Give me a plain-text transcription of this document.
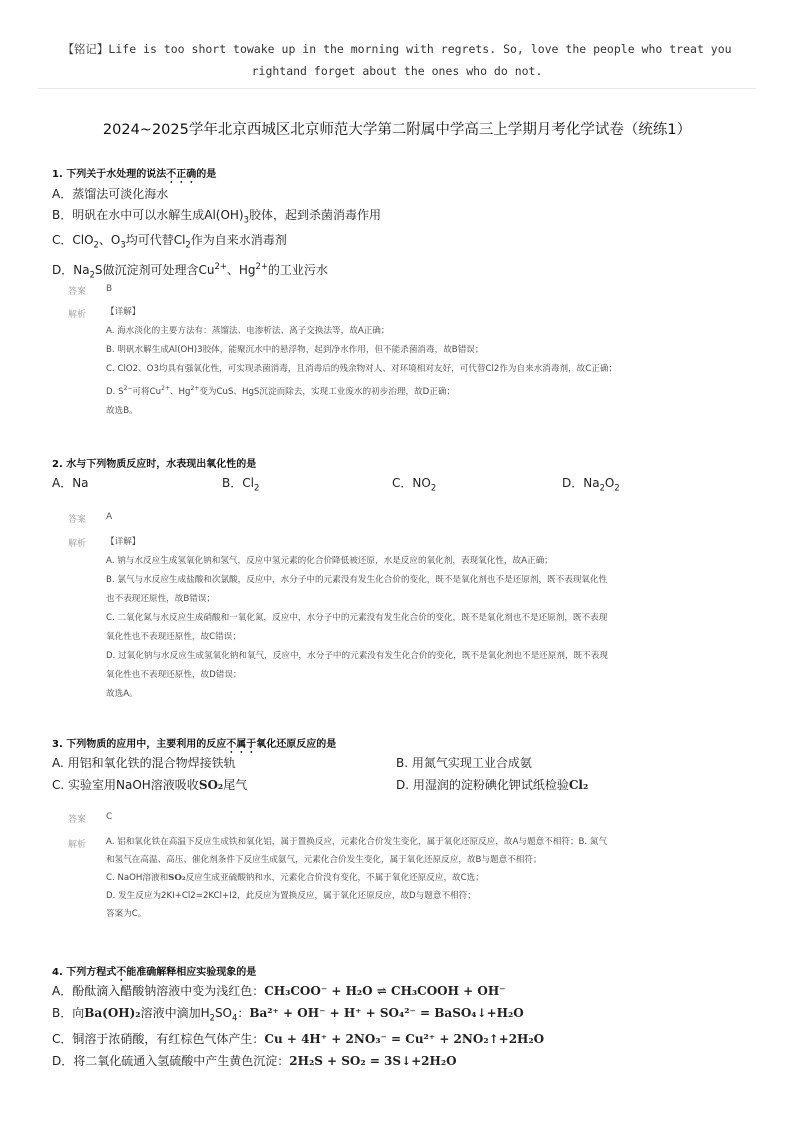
【铭记】Life is too short towake up in the morning with regrets. So, love the people who treat you
rightand forget about the ones who do not.
2024~2025学年北京西城区北京师范大学第二附属中学高三上学期月考化学试卷（统练1）
1. 下列关于水处理的说法不正确的是
A．蒸馏法可淡化海水
B．明矾在水中可以水解生成$Al(OH)_3$胶体，起到杀菌消毒作用
C．ClO$_2$、$O_3$均可代替$Cl_2$作为自来水消毒剂
D．$Na_2S$做沉淀剂可处理含$Cu^{2+}$、$Hg^{2+}$的工业污水
答案 B
解析 【详解】
A. 海水淡化的主要方法有：蒸馏法、电渗析法、离子交换法等，故A正确；
B. 明矾水解生成Al(OH)3胶体，能聚沉水中的悬浮物，起到净水作用，但不能杀菌消毒，故B错误；
C. ClO2、O3均具有强氧化性，可实现杀菌消毒，且消毒后的残余物对人、对环境相对友好，可代替Cl2作为自来水消毒剂，故C正确；
D. $S^{2-}$可将$Cu^{2+}$、$Hg^{2+}$变为CuS、HgS沉淀而除去，实现工业废水的初步治理，故D正确；
故选B。
2. 水与下列物质反应时，水表现出氧化性的是
A．Na	B．$Cl_2$	C．$NO_2$	D．$Na_2O_2$
答案 A
解析 【详解】
A. 钠与水反应生成氢氧化钠和氢气，反应中氢元素的化合价降低被还原，水是反应的氧化剂，表现氧化性，故A正确；
B. 氯气与水反应生成盐酸和次氯酸，反应中，水分子中的元素没有发生化合价的变化，既不是氧化剂也不是还原剂，既不表现氧化性
也不表现还原性，故B错误；
C. 二氧化氮与水反应生成硝酸和一氧化氮，反应中，水分子中的元素没有发生化合价的变化，既不是氧化剂也不是还原剂，既不表现
氧化性也不表现还原性，故C错误；
D. 过氧化钠与水反应生成氢氧化钠和氧气，反应中，水分子中的元素没有发生化合价的变化，既不是氧化剂也不是还原剂，既不表现
氧化性也不表现还原性，故D错误；
故选A。
3. 下列物质的应用中，主要利用的反应不属于氧化还原反应的是
A. 用铝和氧化铁的混合物焊接铁轨	B. 用氮气实现工业合成氨
C. 实验室用NaOH溶液吸收SO₂尾气	D. 用湿润的淀粉碘化钾试纸检验Cl₂
答案 C
解析 A. 铝和氧化铁在高温下反应生成铁和氧化铝，属于置换反应，元素化合价发生变化，属于氧化还原反应，故A与题意不相符；B. 氮气
和氢气在高温、高压、催化剂条件下反应生成氨气，元素化合价发生变化，属于氧化还原反应，故B与题意不相符；
C. NaOH溶液和SO₂反应生成亚硫酸钠和水，元素化合价没有变化，不属于氧化还原反应，故C选；
D. 发生反应为2KI+Cl2=2KCl+I2，此反应为置换反应，属于氧化还原反应，故D与题意不相符；
答案为C。
4. 下列方程式不能准确解释相应实验现象的是
A．酚酞滴入醋酸钠溶液中变为浅红色：CH₃COO⁻ + H₂O ⇌ CH₃COOH + OH⁻
B．向Ba(OH)₂溶液中滴加$H_2SO_4$：Ba²⁺ + OH⁻ + H⁺ + SO₄²⁻ = BaSO₄↓+H₂O
C．铜溶于浓硝酸，有红棕色气体产生：Cu + 4H⁺ + 2NO₃⁻ = Cu²⁺ + 2NO₂↑+2H₂O
D．将二氧化硫通入氢硫酸中产生黄色沉淀：2H₂S + SO₂ = 3S↓+2H₂O
